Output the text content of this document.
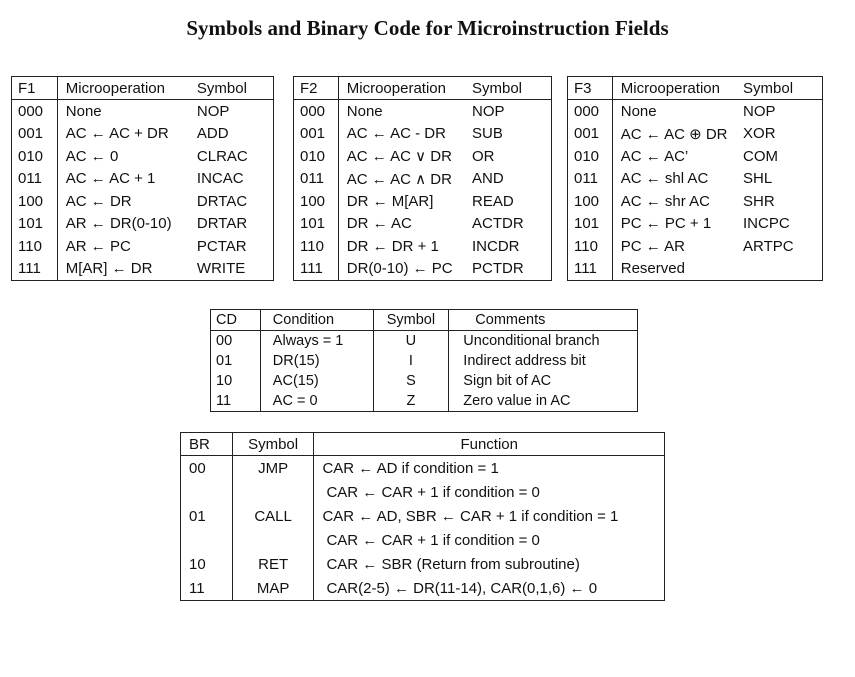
Symbols and Binary Code for Microinstruction Fields
F1	Microoperation	Symbol
000	None	NOP
001	AC ← AC + DR	ADD
010	AC ← 0	CLRAC
011	AC ← AC + 1	INCAC
100	AC ← DR	DRTAC
101	AR ← DR(0-10)	DRTAR
110	AR ← PC	PCTAR
111	M[AR] ← DR	WRITE
F2	Microoperation	Symbol
000	None	NOP
001	AC ← AC - DR	SUB
010	AC ← AC ∨ DR	OR
011	AC ← AC ∧ DR	AND
100	DR ← M[AR]	READ
101	DR ← AC	ACTDR
110	DR ← DR + 1	INCDR
111	DR(0-10) ← PC	PCTDR
F3	Microoperation	Symbol
000	None	NOP
001	AC ← AC ⊕ DR	XOR
010	AC ← AC’	COM
011	AC ← shl AC	SHL
100	AC ← shr AC	SHR
101	PC ← PC + 1	INCPC
110	PC ← AR	ARTPC
111	Reserved	
CD	Condition	Symbol	Comments
00	Always = 1	U	Unconditional branch
01	DR(15)	I	Indirect address bit
10	AC(15)	S	Sign bit of AC
11	AC = 0	Z	Zero value in AC
BR	Symbol	Function
00	JMP	CAR ← AD if condition = 1
		CAR ← CAR + 1 if condition = 0
01	CALL	CAR ← AD, SBR ← CAR + 1 if condition = 1
		CAR ← CAR + 1 if condition = 0
10	RET	CAR ← SBR (Return from subroutine)
11	MAP	CAR(2-5) ← DR(11-14), CAR(0,1,6) ← 0
